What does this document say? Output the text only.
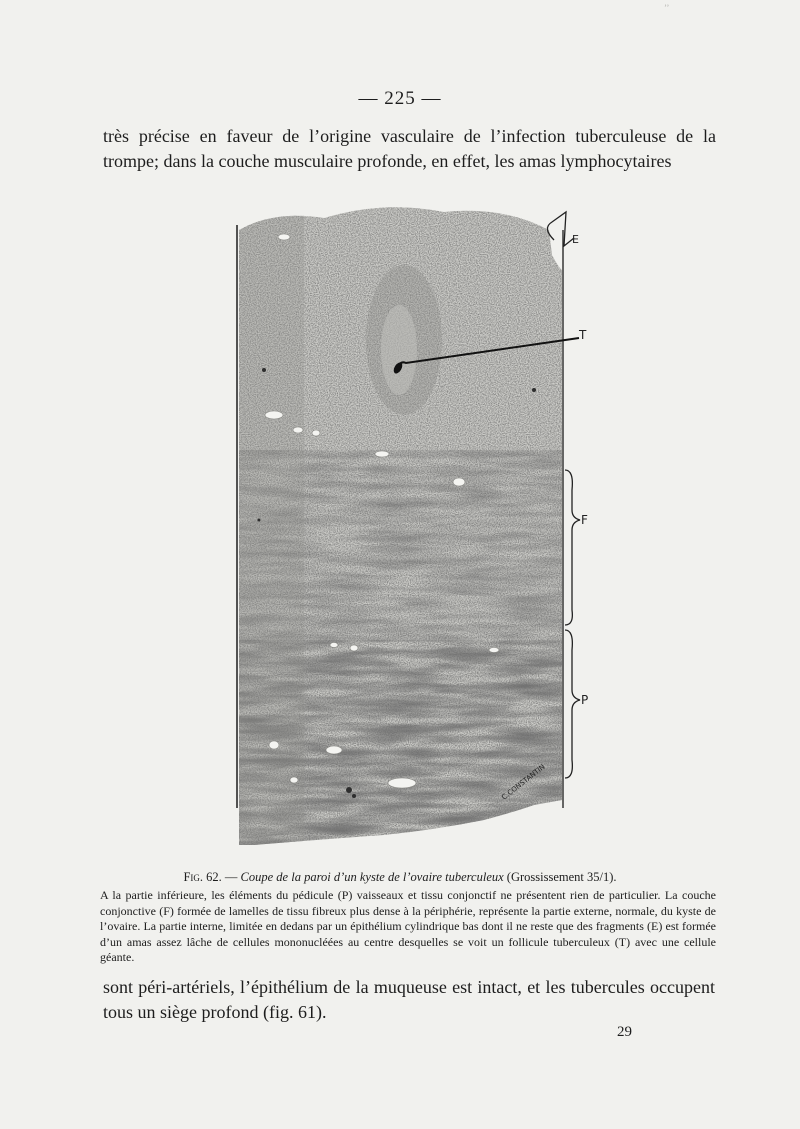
’’
— 225 —
très précise en faveur de l’origine vasculaire de l’infection tuberculeuse de la trompe; dans la couche musculaire profonde, en effet, les amas lymphocytaires
E
T
F
P
C.CONSTANTIN
Fig. 62. — Coupe de la paroi d’un kyste de l’ovaire tuberculeux (Grossissement 35/1).

A la partie inférieure, les éléments du pédicule (P) vaisseaux et tissu conjonctif ne présentent rien de particulier. La couche conjonctive (F) formée de lamelles de tissu fibreux plus dense à la périphérie, représente la partie externe, normale, du kyste de l’ovaire. La partie interne, limitée en dedans par un épithélium cylindrique bas dont il ne reste que des fragments (E) est formée d’un amas assez lâche de cellules mononucléées au centre desquelles se voit un follicule tuberculeux (T) avec une cellule géante.

sont péri-artériels, l’épithélium de la muqueuse est intact, et les tubercules occupent tous un siège profond (fig. 61).
29
